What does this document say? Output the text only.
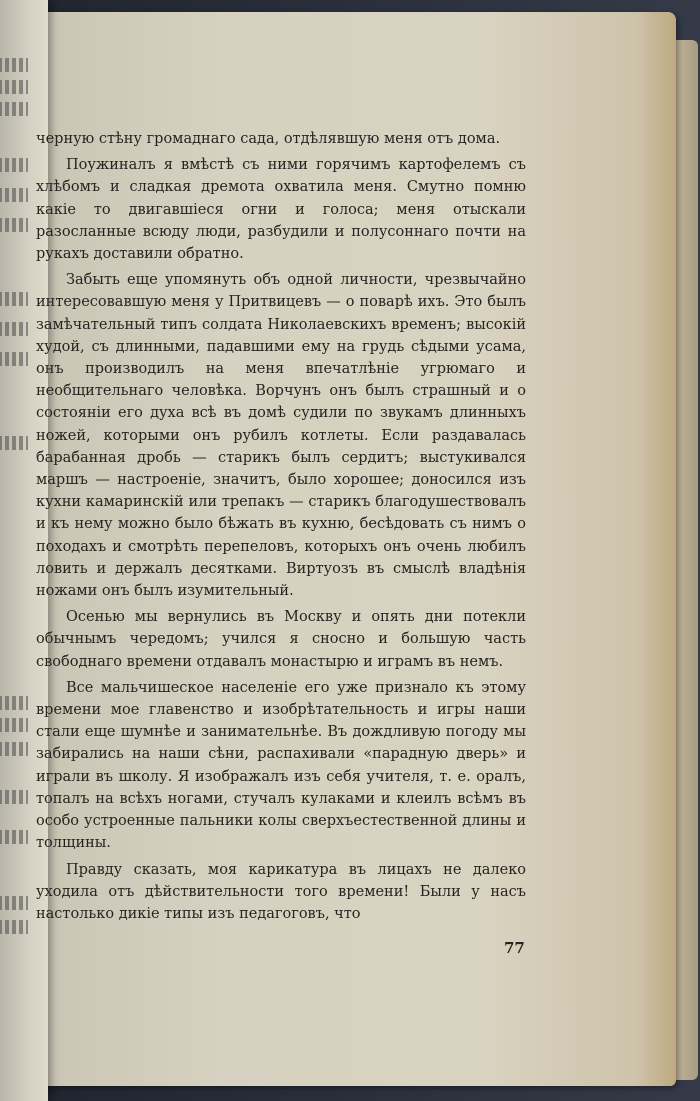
черную стѣну громаднаго сада, отдѣлявшую меня отъ дома.

Поужиналъ я вмѣстѣ съ ними горячимъ картофелемъ съ хлѣбомъ и сладкая дремота охватила меня. Смутно помню какіе то двигавшіеся огни и голоса; меня отыскали разосланные всюду люди, разбудили и полусоннаго почти на рукахъ доставили обратно.

Забыть еще упомянуть объ одной личности, чрезвычайно интересовавшую меня у Притвицевъ — о поварѣ ихъ. Это былъ замѣчательный типъ солдата Николаевскихъ временъ; высокій худой, съ длинными, падавшими ему на грудь сѣдыми усама, онъ производилъ на меня впечатлѣніе угрюмаго и необщительнаго человѣка. Ворчунъ онъ былъ страшный и о состояніи его духа всѣ въ домѣ судили по звукамъ длинныхъ ножей, которыми онъ рубилъ котлеты. Если раздавалась барабанная дробь — старикъ былъ сердитъ; выстукивался маршъ — настроеніе, значитъ, было хорошее; доносился изъ кухни камаринскій или трепакъ — старикъ благодушествовалъ и къ нему можно было бѣжать въ кухню, бесѣдовать съ нимъ о походахъ и смотрѣть перепеловъ, которыхъ онъ очень любилъ ловить и держалъ десятками. Виртуозъ въ смыслѣ владѣнія ножами онъ былъ изумительный.

Осенью мы вернулись въ Москву и опять дни потекли обычнымъ чередомъ; учился я сносно и большую часть свободнаго времени отдавалъ монастырю и играмъ въ немъ.

Все мальчишеское населеніе его уже признало къ этому времени мое главенство и изобрѣтательность и игры наши стали еще шумнѣе и занимательнѣе. Въ дождливую погоду мы забирались на наши сѣни, распахивали «парадную дверь» и играли въ школу. Я изображалъ изъ себя учителя, т. е. оралъ, топалъ на всѣхъ ногами, стучалъ кулаками и клеилъ всѣмъ въ особо устроенные пальники колы сверхъестественной длины и толщины.

Правду сказать, моя карикатура въ лицахъ не далеко уходила отъ дѣйствительности того времени! Были у насъ настолько дикіе типы изъ педагоговъ, что

77
